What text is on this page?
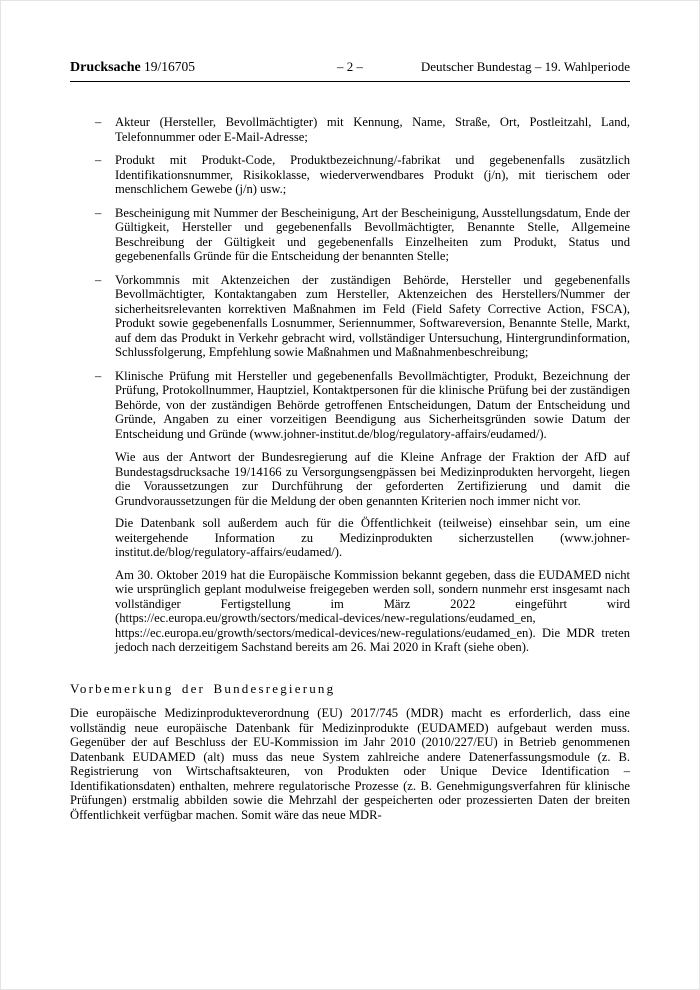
Drucksache 19/16705	– 2 –	Deutscher Bundestag – 19. Wahlperiode
–	Akteur (Hersteller, Bevollmächtigter) mit Kennung, Name, Straße, Ort, Postleitzahl, Land, Telefonnummer oder E-Mail-Adresse;
–	Produkt mit Produkt-Code, Produktbezeichnung/-fabrikat und gegebenenfalls zusätzlich Identifikationsnummer, Risikoklasse, wiederverwendbares Produkt (j/n), mit tierischem oder menschlichem Gewebe (j/n) usw.;
–	Bescheinigung mit Nummer der Bescheinigung, Art der Bescheinigung, Ausstellungsdatum, Ende der Gültigkeit, Hersteller und gegebenenfalls Bevollmächtigter, Benannte Stelle, Allgemeine Beschreibung der Gültigkeit und gegebenenfalls Einzelheiten zum Produkt, Status und gegebenenfalls Gründe für die Entscheidung der benannten Stelle;
–	Vorkommnis mit Aktenzeichen der zuständigen Behörde, Hersteller und gegebenenfalls Bevollmächtigter, Kontaktangaben zum Hersteller, Aktenzeichen des Herstellers/Nummer der sicherheitsrelevanten korrektiven Maßnahmen im Feld (Field Safety Corrective Action, FSCA), Produkt sowie gegebenenfalls Losnummer, Seriennummer, Softwareversion, Benannte Stelle, Markt, auf dem das Produkt in Verkehr gebracht wird, vollständiger Untersuchung, Hintergrundinformation, Schlussfolgerung, Empfehlung sowie Maßnahmen und Maßnahmenbeschreibung;
–	Klinische Prüfung mit Hersteller und gegebenenfalls Bevollmächtigter, Produkt, Bezeichnung der Prüfung, Protokollnummer, Hauptziel, Kontaktpersonen für die klinische Prüfung bei der zuständigen Behörde, von der zuständigen Behörde getroffenen Entscheidungen, Datum der Entscheidung und Gründe, Angaben zu einer vorzeitigen Beendigung aus Sicherheitsgründen sowie Datum der Entscheidung und Gründe (www.johner-institut.de/blog/regulatory-affairs/eudamed/).

Wie aus der Antwort der Bundesregierung auf die Kleine Anfrage der Fraktion der AfD auf Bundestagsdrucksache 19/14166 zu Versorgungsengpässen bei Medizinprodukten hervorgeht, liegen die Voraussetzungen zur Durchführung der geforderten Zertifizierung und damit die Grundvoraussetzungen für die Meldung der oben genannten Kriterien noch immer nicht vor.

Die Datenbank soll außerdem auch für die Öffentlichkeit (teilweise) einsehbar sein, um eine weitergehende Information zu Medizinprodukten sicherzustellen (www.johner-institut.de/blog/regulatory-affairs/eudamed/).

Am 30. Oktober 2019 hat die Europäische Kommission bekannt gegeben, dass die EUDAMED nicht wie ursprünglich geplant modulweise freigegeben werden soll, sondern nunmehr erst insgesamt nach vollständiger Fertigstellung im März 2022 eingeführt wird (https://ec.europa.eu/growth/sectors/medical-devices/new-regulations/eudamed_en, https://ec.europa.eu/growth/sectors/medical-devices/new-regulations/eudamed_en). Die MDR treten jedoch nach derzeitigem Sachstand bereits am 26. Mai 2020 in Kraft (siehe oben).

Vorbemerkung der Bundesregierung

Die europäische Medizinprodukteverordnung (EU) 2017/745 (MDR) macht es erforderlich, dass eine vollständig neue europäische Datenbank für Medizinprodukte (EUDAMED) aufgebaut werden muss. Gegenüber der auf Beschluss der EU-Kommission im Jahr 2010 (2010/227/EU) in Betrieb genommenen Datenbank EUDAMED (alt) muss das neue System zahlreiche andere Datenerfassungsmodule (z. B. Registrierung von Wirtschaftsakteuren, von Produkten oder Unique Device Identification – Identifikationsdaten) enthalten, mehrere regulatorische Prozesse (z. B. Genehmigungsverfahren für klinische Prüfungen) erstmalig abbilden sowie die Mehrzahl der gespeicherten oder prozessierten Daten der breiten Öffentlichkeit verfügbar machen. Somit wäre das neue MDR-
